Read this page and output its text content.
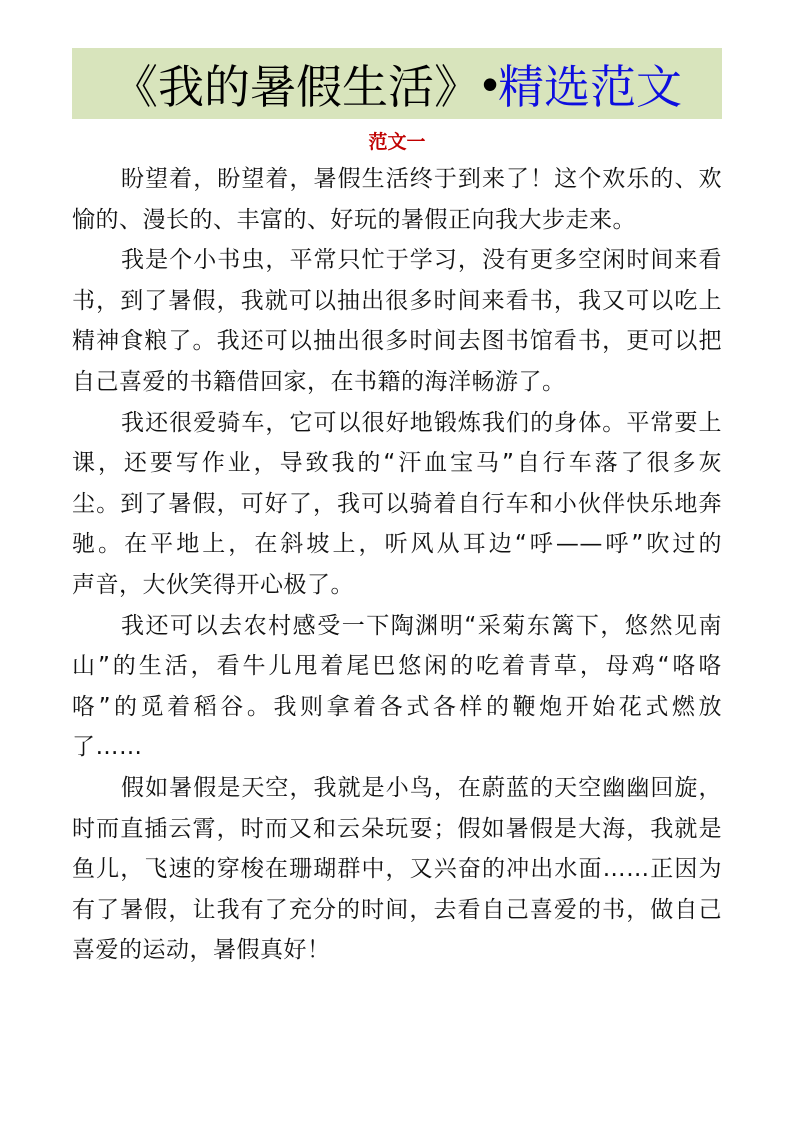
《我的暑假生活》 • 精选范文
范文一

盼望着，盼望着，暑假生活终于到来了！这个欢乐的、欢
愉的、漫长的、丰富的、好玩的暑假正向我大步走来。

我是个小书虫，平常只忙于学习，没有更多空闲时间来看
书，到了暑假，我就可以抽出很多时间来看书，我又可以吃上
精神食粮了。我还可以抽出很多时间去图书馆看书，更可以把
自己喜爱的书籍借回家，在书籍的海洋畅游了。

我还很爱骑车，它可以很好地锻炼我们的身体。平常要上
课，还要写作业，导致我的“汗血宝马”自行车落了很多灰
尘。到了暑假，可好了，我可以骑着自行车和小伙伴快乐地奔
驰。在平地上，在斜坡上，听风从耳边“呼——呼”吹过的
声音，大伙笑得开心极了。

我还可以去农村感受一下陶渊明“采菊东篱下，悠然见南
山”的生活，看牛儿甩着尾巴悠闲的吃着青草，母鸡“咯咯
咯”的觅着稻谷。我则拿着各式各样的鞭炮开始花式燃放
了……

假如暑假是天空，我就是小鸟，在蔚蓝的天空幽幽回旋，
时而直插云霄，时而又和云朵玩耍；假如暑假是大海，我就是
鱼儿，飞速的穿梭在珊瑚群中，又兴奋的冲出水面……正因为
有了暑假，让我有了充分的时间，去看自己喜爱的书，做自己
喜爱的运动，暑假真好！
